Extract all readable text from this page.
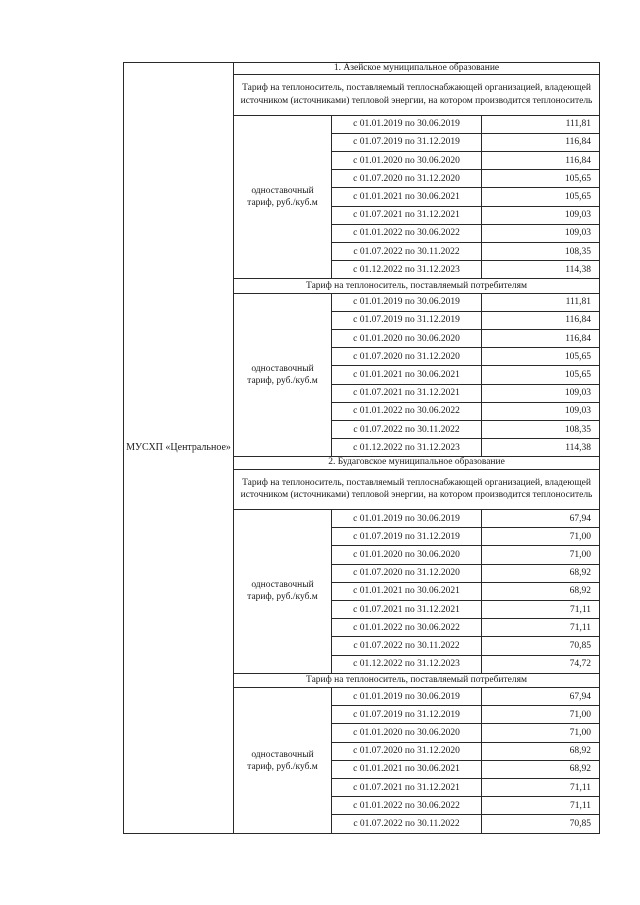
МУСХП «Центральное»	1. Азейское муниципальное образование		
	Тариф на теплоноситель, поставляемый теплоснабжающей организацией, владеющей источником (источниками) тепловой энергии, на котором производится теплоноситель		
	одноставочный тариф, руб./куб.м	с 01.01.2019 по 30.06.2019	111,81
		с 01.07.2019 по 31.12.2019	116,84
		с 01.01.2020 по 30.06.2020	116,84
		с 01.07.2020 по 31.12.2020	105,65
		с 01.01.2021 по 30.06.2021	105,65
		с 01.07.2021 по 31.12.2021	109,03
		с 01.01.2022 по 30.06.2022	109,03
		с 01.07.2022 по 30.11.2022	108,35
		с 01.12.2022 по 31.12.2023	114,38
	Тариф на теплоноситель, поставляемый потребителям		
	одноставочный тариф, руб./куб.м	с 01.01.2019 по 30.06.2019	111,81
		с 01.07.2019 по 31.12.2019	116,84
		с 01.01.2020 по 30.06.2020	116,84
		с 01.07.2020 по 31.12.2020	105,65
		с 01.01.2021 по 30.06.2021	105,65
		с 01.07.2021 по 31.12.2021	109,03
		с 01.01.2022 по 30.06.2022	109,03
		с 01.07.2022 по 30.11.2022	108,35
		с 01.12.2022 по 31.12.2023	114,38
	2. Будаговское муниципальное образование		
	Тариф на теплоноситель, поставляемый теплоснабжающей организацией, владеющей источником (источниками) тепловой энергии, на котором производится теплоноситель		
	одноставочный тариф, руб./куб.м	с 01.01.2019 по 30.06.2019	67,94
		с 01.07.2019 по 31.12.2019	71,00
		с 01.01.2020 по 30.06.2020	71,00
		с 01.07.2020 по 31.12.2020	68,92
		с 01.01.2021 по 30.06.2021	68,92
		с 01.07.2021 по 31.12.2021	71,11
		с 01.01.2022 по 30.06.2022	71,11
		с 01.07.2022 по 30.11.2022	70,85
		с 01.12.2022 по 31.12.2023	74,72
	Тариф на теплоноситель, поставляемый потребителям		
	одноставочный тариф, руб./куб.м	с 01.01.2019 по 30.06.2019	67,94
		с 01.07.2019 по 31.12.2019	71,00
		с 01.01.2020 по 30.06.2020	71,00
		с 01.07.2020 по 31.12.2020	68,92
		с 01.01.2021 по 30.06.2021	68,92
		с 01.07.2021 по 31.12.2021	71,11
		с 01.01.2022 по 30.06.2022	71,11
		с 01.07.2022 по 30.11.2022	70,85
